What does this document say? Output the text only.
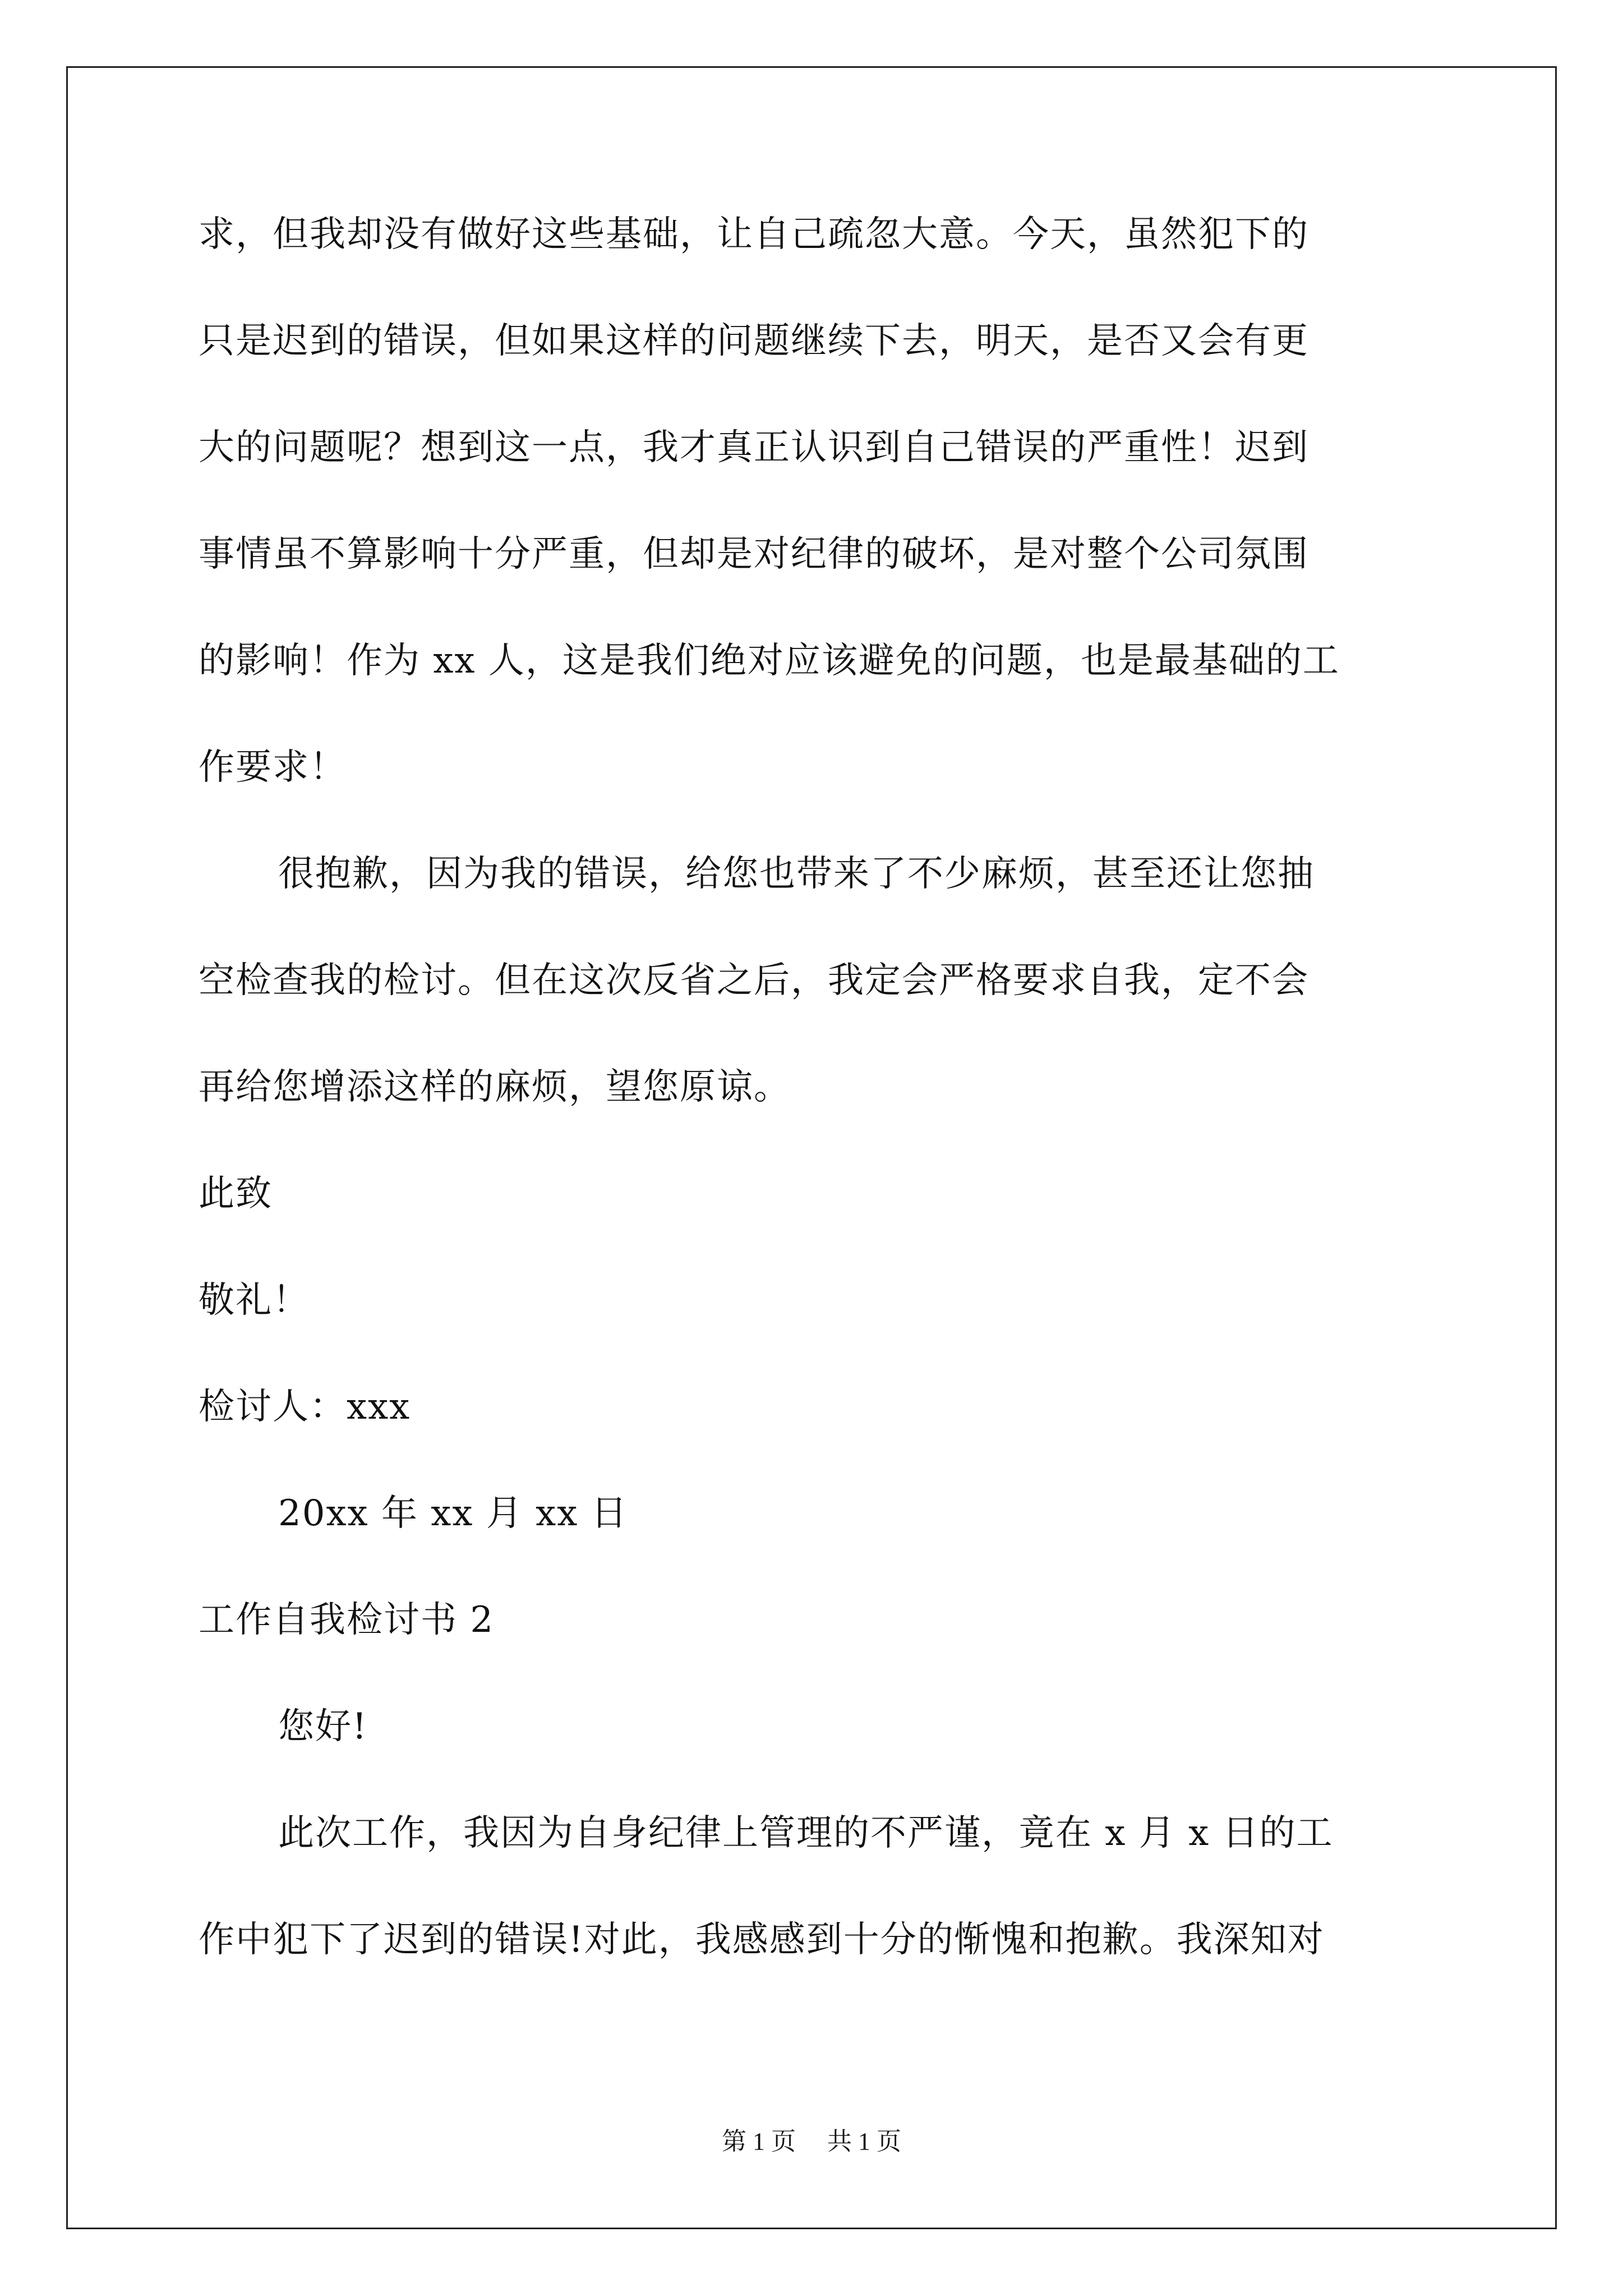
求，但我却没有做好这些基础，让自己疏忽大意。今天，虽然犯下的
只是迟到的错误，但如果这样的问题继续下去，明天，是否又会有更
大的问题呢？想到这一点，我才真正认识到自己错误的严重性！迟到
事情虽不算影响十分严重，但却是对纪律的破坏，是对整个公司氛围
的影响！作为 xx 人，这是我们绝对应该避免的问题，也是最基础的工
作要求！
很抱歉，因为我的错误，给您也带来了不少麻烦，甚至还让您抽
空检查我的检讨。但在这次反省之后，我定会严格要求自我，定不会
再给您增添这样的麻烦，望您原谅。
此致
敬礼！
检讨人：xxx
20xx 年 xx 月 xx 日
工作自我检讨书 2
您好!
此次工作，我因为自身纪律上管理的不严谨，竟在 x 月 x 日的工
作中犯下了迟到的错误!对此，我感感到十分的惭愧和抱歉。我深知对
第 1 页 共 1 页
